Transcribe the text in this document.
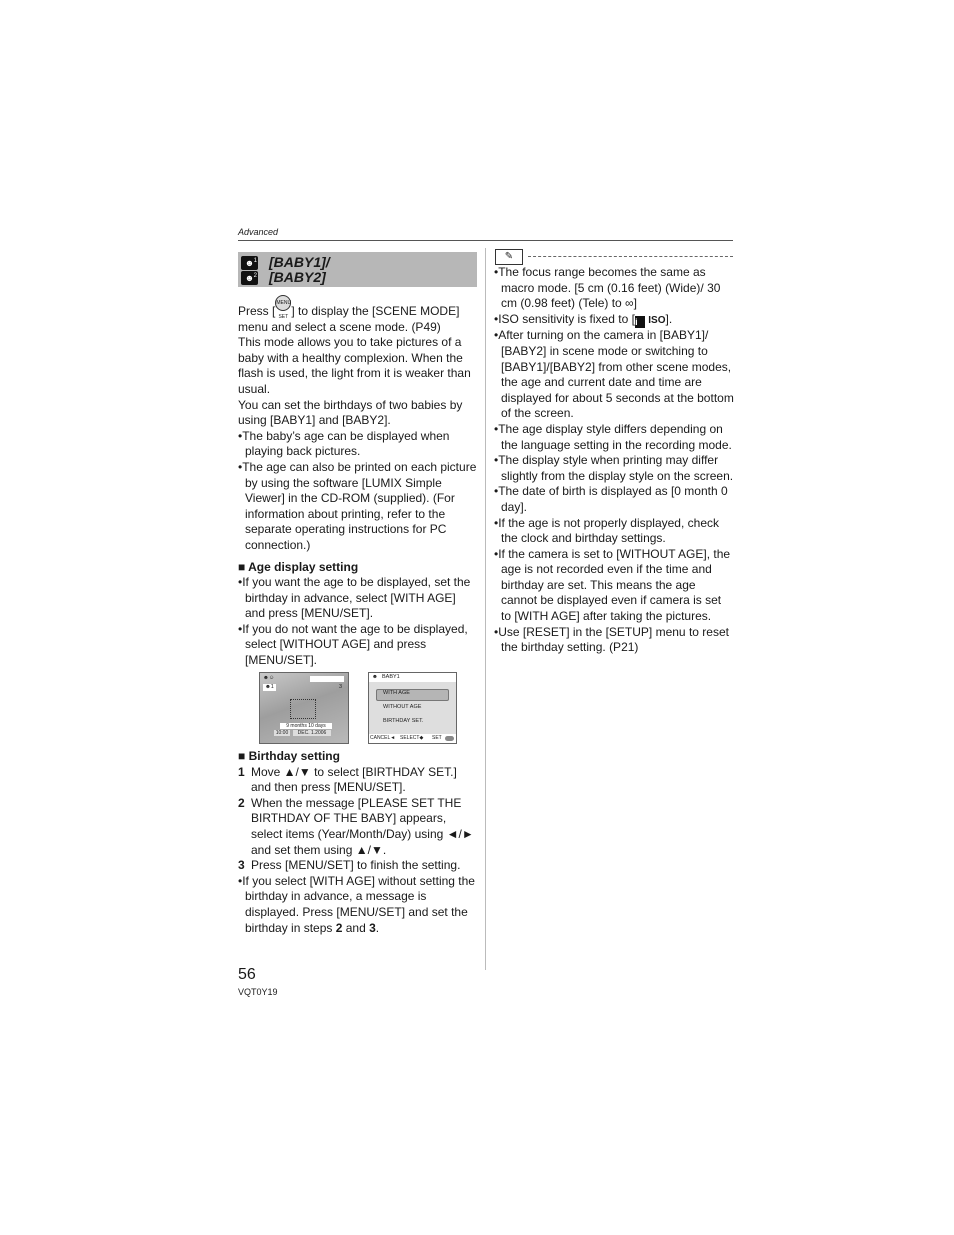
Advanced
☻ 1
☻ 2
[BABY1]/
[BABY2]

Press [MENU SET ] to display the [SCENE MODE] menu and select a scene mode. (P49)

This mode allows you to take pictures of a baby with a healthy complexion. When the flash is used, the light from it is weaker than usual.

You can set the birthdays of two babies by using [BABY1] and [BABY2].

•The baby’s age can be displayed when playing back pictures.

•The age can also be printed on each picture by using the software [LUMIX Simple Viewer] in the CD-ROM (supplied). (For information about printing, refer to the separate operating instructions for PC connection.)

■ Age display setting

•If you want the age to be displayed, set the birthday in advance, select [WITH AGE] and press [MENU/SET].

•If you do not want the age to be displayed, select [WITHOUT AGE] and press [MENU/SET].

☻☺
☻1	3
9 months 10 days
10:00	DEC. 1.2006
☻ BABY1
WITH AGE
WITHOUT AGE
BIRTHDAY SET.
CANCEL◄ SELECT◆ SET

■ Birthday setting

1 Move ▲/▼ to select [BIRTHDAY SET.] and then press [MENU/SET].

2 When the message [PLEASE SET THE BIRTHDAY OF THE BABY] appears, select items (Year/Month/Day) using ◄/► and set them using ▲/▼.

3 Press [MENU/SET] to finish the setting.

•If you select [WITH AGE] without setting the birthday in advance, a message is displayed. Press [MENU/SET] and set the birthday in steps 2 and 3.

✎

•The focus range becomes the same as macro mode. [5 cm (0.16 feet) (Wide)/ 30 cm (0.98 feet) (Tele) to ∞]

•ISO sensitivity is fixed to [i ISO].

•After turning on the camera in [BABY1]/ [BABY2] in scene mode or switching to [BABY1]/[BABY2] from other scene modes, the age and current date and time are displayed for about 5 seconds at the bottom of the screen.

•The age display style differs depending on the language setting in the recording mode.

•The display style when printing may differ slightly from the display style on the screen.

•The date of birth is displayed as [0 month 0 day].

•If the age is not properly displayed, check the clock and birthday settings.

•If the camera is set to [WITHOUT AGE], the age is not recorded even if the time and birthday are set. This means the age cannot be displayed even if camera is set to [WITH AGE] after taking the pictures.

•Use [RESET] in the [SETUP] menu to reset the birthday setting. (P21)

56
VQT0Y19
